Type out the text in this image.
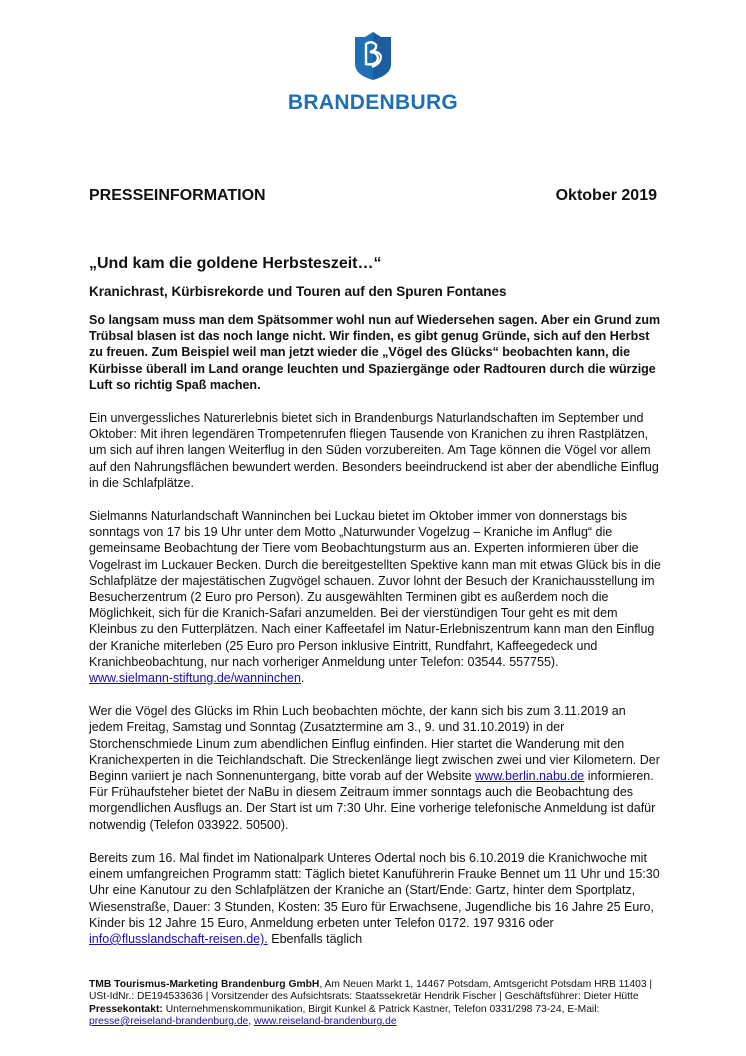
BRANDENBURG
PRESSEINFORMATION	Oktober 2019
„Und kam die goldene Herbsteszeit…“
Kranichrast, Kürbisrekorde und Touren auf den Spuren Fontanes

So langsam muss man dem Spätsommer wohl nun auf Wiedersehen sagen. Aber ein Grund zum Trübsal blasen ist das noch lange nicht. Wir finden, es gibt genug Gründe, sich auf den Herbst zu freuen. Zum Beispiel weil man jetzt wieder die „Vögel des Glücks“ beobachten kann, die Kürbisse überall im Land orange leuchten und Spaziergänge oder Radtouren durch die würzige Luft so richtig Spaß machen.

Ein unvergessliches Naturerlebnis bietet sich in Brandenburgs Naturlandschaften im September und Oktober: Mit ihren legendären Trompetenrufen fliegen Tausende von Kranichen zu ihren Rastplätzen, um sich auf ihren langen Weiterflug in den Süden vorzubereiten. Am Tage können die Vögel vor allem auf den Nahrungsflächen bewundert werden. Besonders beeindruckend ist aber der abendliche Einflug in die Schlafplätze.

Sielmanns Naturlandschaft Wanninchen bei Luckau bietet im Oktober immer von donnerstags bis sonntags von 17 bis 19 Uhr unter dem Motto „Naturwunder Vogelzug – Kraniche im Anflug“ die gemeinsame Beobachtung der Tiere vom Beobachtungsturm aus an. Experten informieren über die Vogelrast im Luckauer Becken. Durch die bereitgestellten Spektive kann man mit etwas Glück bis in die Schlafplätze der majestätischen Zugvögel schauen. Zuvor lohnt der Besuch der Kranichausstellung im Besucherzentrum (2 Euro pro Person). Zu ausgewählten Terminen gibt es außerdem noch die Möglichkeit, sich für die Kranich-Safari anzumelden. Bei der vierstündigen Tour geht es mit dem Kleinbus zu den Futterplätzen. Nach einer Kaffeetafel im Natur-Erlebniszentrum kann man den Einflug der Kraniche miterleben (25 Euro pro Person inklusive Eintritt, Rundfahrt, Kaffeegedeck und Kranichbeobachtung, nur nach vorheriger Anmeldung unter Telefon: 03544. 557755).
www.sielmann-stiftung.de/wanninchen.

Wer die Vögel des Glücks im Rhin Luch beobachten möchte, der kann sich bis zum 3.11.2019 an jedem Freitag, Samstag und Sonntag (Zusatztermine am 3., 9. und 31.10.2019) in der Storchenschmiede Linum zum abendlichen Einflug einfinden. Hier startet die Wanderung mit den Kranichexperten in die Teichlandschaft. Die Streckenlänge liegt zwischen zwei und vier Kilometern. Der Beginn variiert je nach Sonnenuntergang, bitte vorab auf der Website www.berlin.nabu.de informieren. Für Frühaufsteher bietet der NaBu in diesem Zeitraum immer sonntags auch die Beobachtung des morgendlichen Ausflugs an. Der Start ist um 7:30 Uhr. Eine vorherige telefonische Anmeldung ist dafür notwendig (Telefon 033922. 50500).

Bereits zum 16. Mal findet im Nationalpark Unteres Odertal noch bis 6.10.2019 die Kranichwoche mit einem umfangreichen Programm statt: Täglich bietet Kanuführerin Frauke Bennet um 11 Uhr und 15:30 Uhr eine Kanutour zu den Schlafplätzen der Kraniche an (Start/Ende: Gartz, hinter dem Sportplatz, Wiesenstraße, Dauer: 3 Stunden, Kosten: 35 Euro für Erwachsene, Jugendliche bis 16 Jahre 25 Euro, Kinder bis 12 Jahre 15 Euro, Anmeldung erbeten unter Telefon 0172. 197 9316 oder info@flusslandschaft-reisen.de). Ebenfalls täglich

TMB Tourismus-Marketing Brandenburg GmbH, Am Neuen Markt 1, 14467 Potsdam, Amtsgericht Potsdam HRB 11403 | USt-IdNr.: DE194533636 | Vorsitzender des Aufsichtsrats: Staatssekretär Hendrik Fischer | Geschäftsführer: Dieter Hütte Pressekontakt: Unternehmenskommunikation, Birgit Kunkel & Patrick Kastner, Telefon 0331/298 73-24, E-Mail: presse@reiseland-brandenburg.de, www.reiseland-brandenburg.de
